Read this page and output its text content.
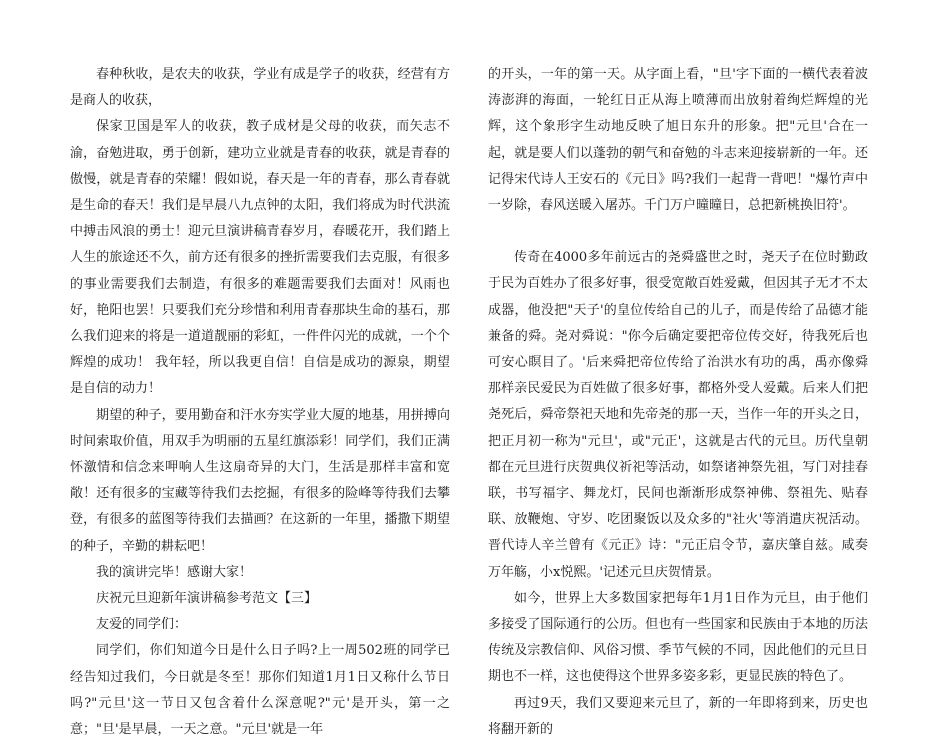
春种秋收，是农夫的收获，学业有成是学子的收获，经营有方是商人的收获，

保家卫国是军人的收获，教子成材是父母的收获，而矢志不渝，奋勉进取，勇于创新，建功立业就是青春的收获，就是青春的傲慢，就是青春的荣耀！假如说，春天是一年的青春，那么青春就是生命的春天！我们是早晨八九点钟的太阳，我们将成为时代洪流中搏击风浪的勇士！迎元旦演讲稿青春岁月，春暖花开，我们踏上人生的旅途还不久，前方还有很多的挫折需要我们去克服，有很多的事业需要我们去制造，有很多的难题需要我们去面对！风雨也好，艳阳也罢！只要我们充分珍惜和利用青春那块生命的基石，那么我们迎来的将是一道道靓丽的彩虹，一件件闪光的成就，一个个辉煌的成功！ 我年轻，所以我更自信！自信是成功的源泉，期望是自信的动力！

期望的种子，要用勤奋和汗水夯实学业大厦的地基，用拼搏向时间索取价值，用双手为明丽的五星红旗添彩！同学们，我们正满怀激情和信念来呷响人生这扇奇异的大门，生活是那样丰富和宽敞！还有很多的宝藏等待我们去挖掘，有很多的险峰等待我们去攀登，有很多的蓝图等待我们去描画？在这新的一年里，播撒下期望的种子，辛勤的耕耘吧！

我的演讲完毕！感谢大家！

庆祝元旦迎新年演讲稿参考范文【三】

友爱的同学们：

同学们，你们知道今日是什么日子吗?上一周502班的同学已经告知过我们，今日就是冬至！那你们知道1月1日又称什么节日吗?"元旦'这一节日又包含着什么深意呢?"元'是开头，第一之意；"旦'是早晨，一天之意。"元旦'就是一年

的开头，一年的第一天。从字面上看，"旦'字下面的一横代表着波涛澎湃的海面，一轮红日正从海上喷薄而出放射着绚烂辉煌的光辉，这个象形字生动地反映了旭日东升的形象。把"元旦'合在一起，就是要人们以蓬勃的朝气和奋勉的斗志来迎接崭新的一年。还记得宋代诗人王安石的《元日》吗?我们一起背一背吧！"爆竹声中一岁除，春风送暖入屠苏。千门万户曈曈日，总把新桃换旧符'。

传奇在4000多年前远古的尧舜盛世之时，尧天子在位时勤政于民为百姓办了很多好事，很受宽敞百姓爱戴，但因其子无才不太成器，他没把"天子'的皇位传给自己的儿子，而是传给了品德才能兼备的舜。尧对舜说："你今后确定要把帝位传交好，待我死后也可安心瞑目了。'后来舜把帝位传给了治洪水有功的禹，禹亦像舜那样亲民爱民为百姓做了很多好事，都格外受人爱戴。后来人们把尧死后，舜帝祭祀天地和先帝尧的那一天，当作一年的开头之日，把正月初一称为"元旦'，或"元正'，这就是古代的元旦。历代皇朝都在元旦进行庆贺典仪祈祀等活动，如祭诸神祭先祖，写门对挂春联，书写福字、舞龙灯，民间也渐渐形成祭神佛、祭祖先、贴春联、放鞭炮、守岁、吃团聚饭以及众多的"社火'等消遣庆祝活动。晋代诗人辛兰曾有《元正》诗："元正启令节，嘉庆肇自兹。咸奏万年觞，小x悦熙。'记述元旦庆贺情景。

如今，世界上大多数国家把每年1月1日作为元旦，由于他们多接受了国际通行的公历。但也有一些国家和民族由于本地的历法传统及宗教信仰、风俗习惯、季节气候的不同，因此他们的元旦日期也不一样，这也使得这个世界多姿多彩，更显民族的特色了。

再过9天，我们又要迎来元旦了，新的一年即将到来，历史也将翻开新的
